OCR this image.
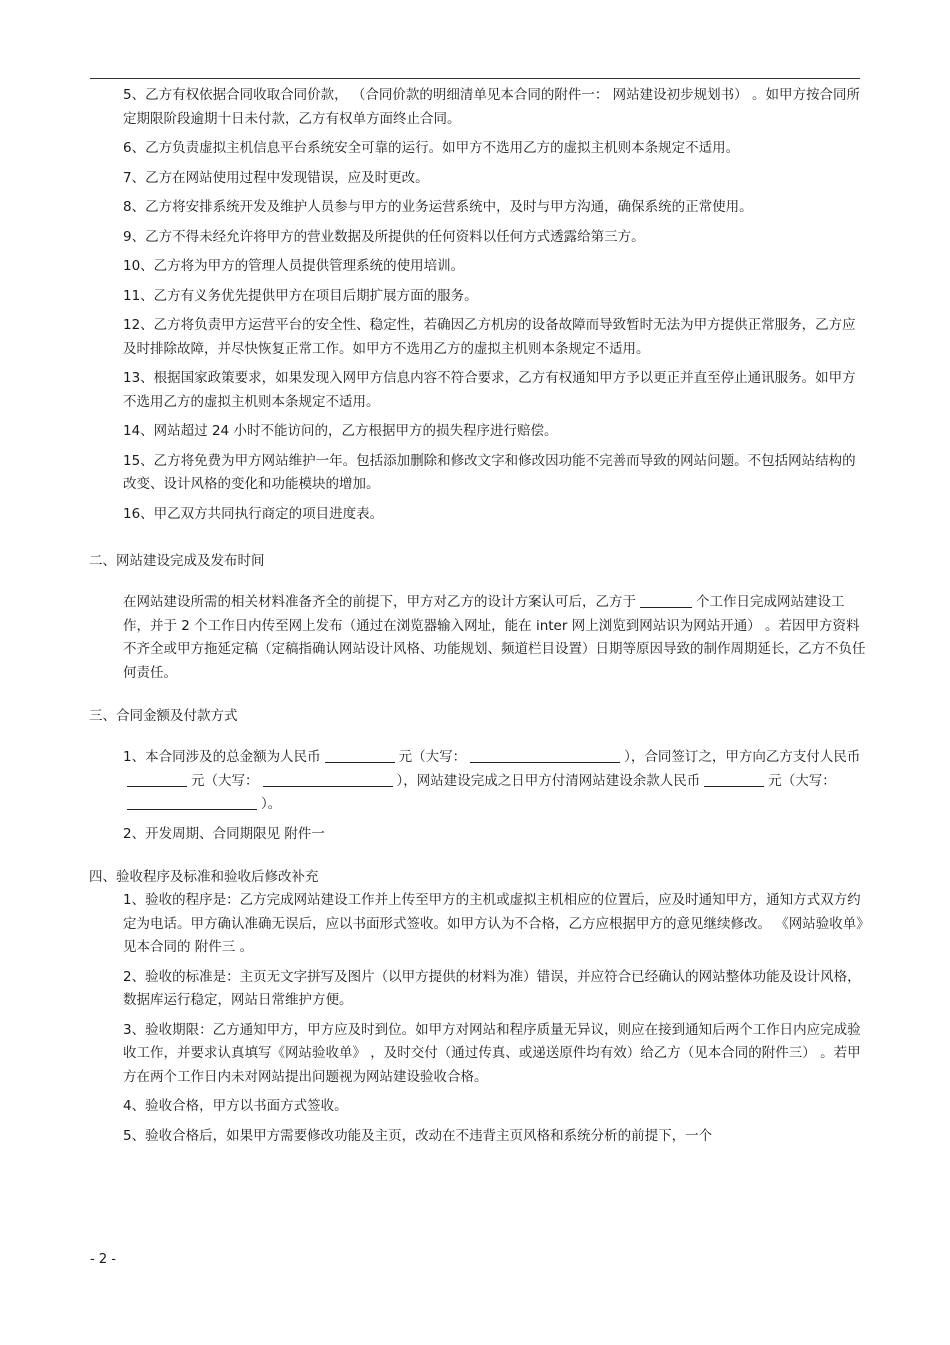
5、乙方有权依据合同收取合同价款， （合同价款的明细清单见本合同的附件一： 网站建设初步规划书） 。如甲方按合同所定期限阶段逾期十日未付款，乙方有权单方面终止合同。
6、乙方负责虚拟主机信息平台系统安全可靠的运行。如甲方不选用乙方的虚拟主机则本条规定不适用。
7、乙方在网站使用过程中发现错误，应及时更改。
8、乙方将安排系统开发及维护人员参与甲方的业务运营系统中，及时与甲方沟通，确保系统的正常使用。
9、乙方不得未经允许将甲方的营业数据及所提供的任何资料以任何方式透露给第三方。
10、乙方将为甲方的管理人员提供管理系统的使用培训。
11、乙方有义务优先提供甲方在项目后期扩展方面的服务。
12、乙方将负责甲方运营平台的安全性、稳定性，若确因乙方机房的设备故障而导致暂时无法为甲方提供正常服务，乙方应及时排除故障，并尽快恢复正常工作。如甲方不选用乙方的虚拟主机则本条规定不适用。
13、根据国家政策要求，如果发现入网甲方信息内容不符合要求，乙方有权通知甲方予以更正并直至停止通讯服务。如甲方不选用乙方的虚拟主机则本条规定不适用。
14、网站超过 24 小时不能访问的，乙方根据甲方的损失程序进行赔偿。
15、乙方将免费为甲方网站维护一年。包括添加删除和修改文字和修改因功能不完善而导致的网站问题。不包括网站结构的改变、设计风格的变化和功能模块的增加。
16、甲乙双方共同执行商定的项目进度表。
二、网站建设完成及发布时间
在网站建设所需的相关材料准备齐全的前提下，甲方对乙方的设计方案认可后，乙方于	个工作日完成网站建设工作，并于 2 个工作日内传至网上发布（通过在浏览器输入网址，能在 inter 网上浏览到网站识为网站开通） 。若因甲方资料不齐全或甲方拖延定稿（定稿指确认网站设计风格、功能规划、频道栏目设置）日期等原因导致的制作周期延长，乙方不负任何责任。
三、合同金额及付款方式
1、本合同涉及的总金额为人民币	元（大写：	），合同签订之，甲方向乙方支付人民币元（大写：	），网站建设完成之日甲方付清网站建设余款人民币	元（大写：）。
2、开发周期、合同期限见 附件一
四、验收程序及标准和验收后修改补充
1、验收的程序是：乙方完成网站建设工作并上传至甲方的主机或虚拟主机相应的位置后，应及时通知甲方，通知方式双方约定为电话。甲方确认准确无误后，应以书面形式签收。如甲方认为不合格，乙方应根据甲方的意见继续修改。 《网站验收单》见本合同的 附件三 。
2、验收的标准是：主页无文字拼写及图片（以甲方提供的材料为准）错误，并应符合已经确认的网站整体功能及设计风格，数据库运行稳定，网站日常维护方便。
3、验收期限：乙方通知甲方，甲方应及时到位。如甲方对网站和程序质量无异议，则应在接到通知后两个工作日内应完成验收工作，并要求认真填写《网站验收单》 ，及时交付（通过传真、或递送原件均有效）给乙方（见本合同的附件三） 。若甲方在两个工作日内未对网站提出问题视为网站建设验收合格。
4、验收合格，甲方以书面方式签收。
5、验收合格后，如果甲方需要修改功能及主页，改动在不违背主页风格和系统分析的前提下，一个
- 2 -
